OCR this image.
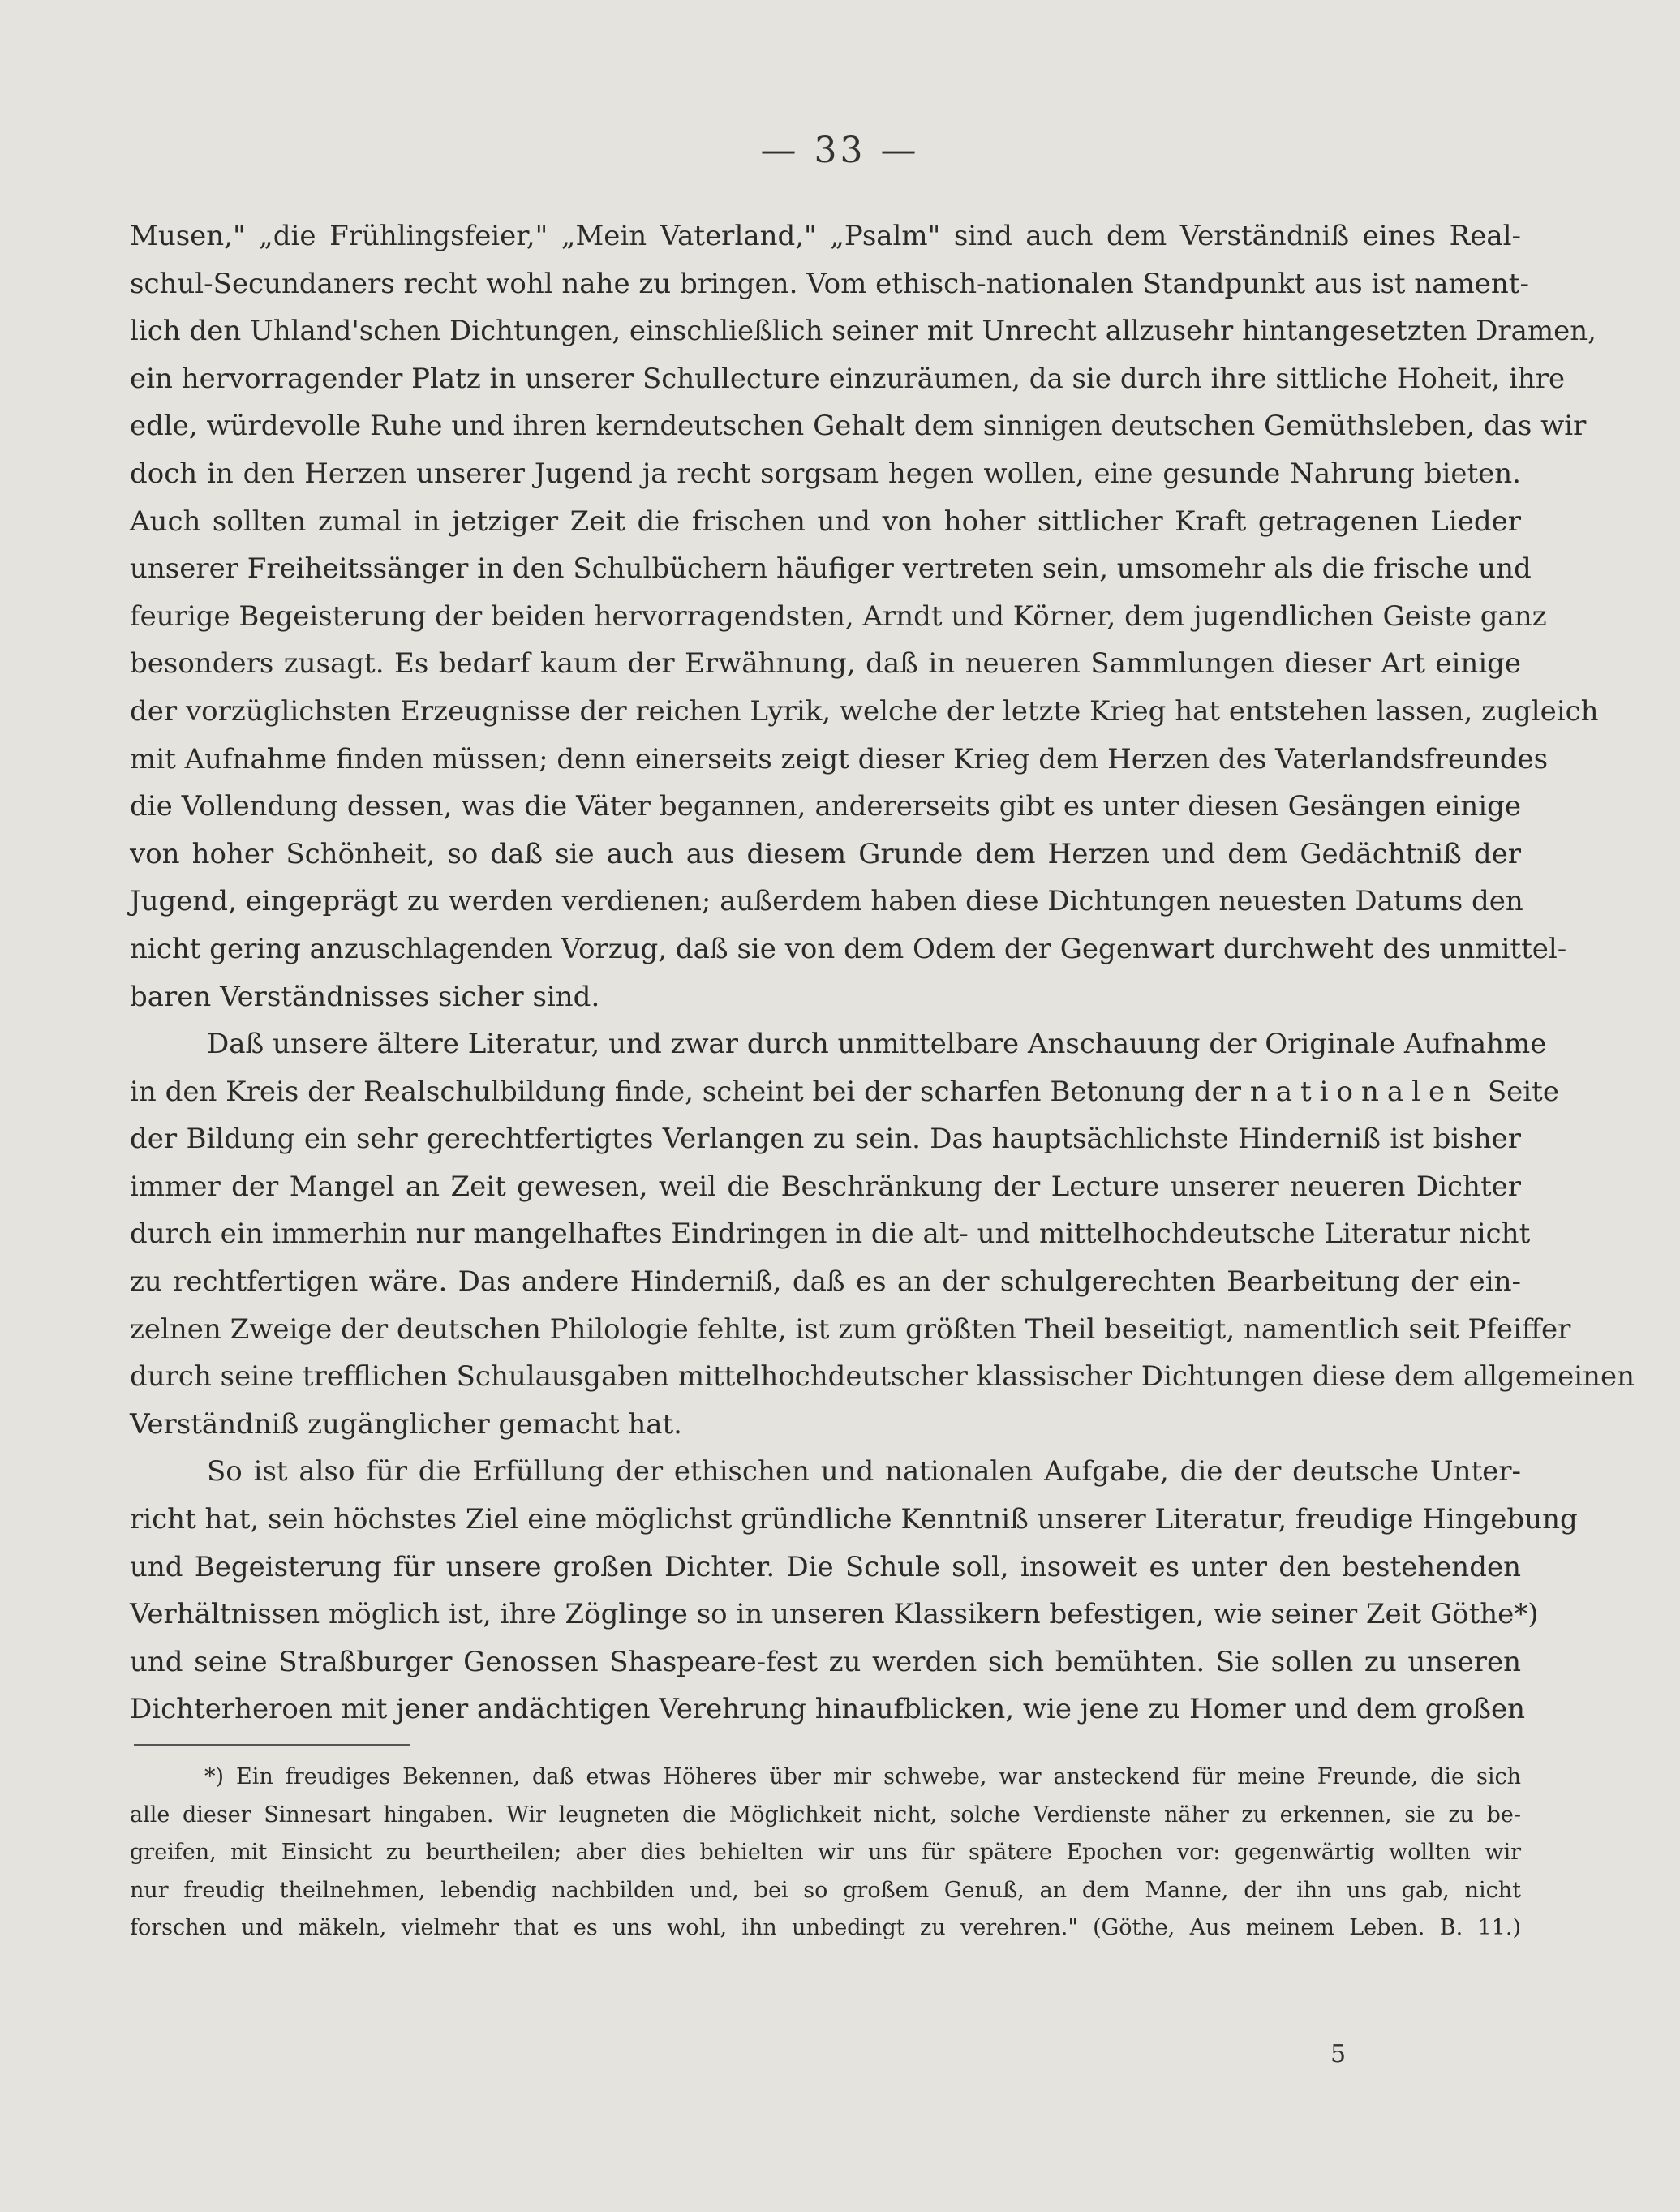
— 33 —
Musen," „die Frühlingsfeier," „Mein Vaterland," „Psalm" sind auch dem Verständniß eines Real-
schul-Secundaners recht wohl nahe zu bringen. Vom ethisch-nationalen Standpunkt aus ist nament-
lich den Uhland'schen Dichtungen, einschließlich seiner mit Unrecht allzusehr hintangesetzten Dramen,
ein hervorragender Platz in unserer Schullecture einzuräumen, da sie durch ihre sittliche Hoheit, ihre
edle, würdevolle Ruhe und ihren kerndeutschen Gehalt dem sinnigen deutschen Gemüthsleben, das wir
doch in den Herzen unserer Jugend ja recht sorgsam hegen wollen, eine gesunde Nahrung bieten.
Auch sollten zumal in jetziger Zeit die frischen und von hoher sittlicher Kraft getragenen Lieder
unserer Freiheitssänger in den Schulbüchern häufiger vertreten sein, umsomehr als die frische und
feurige Begeisterung der beiden hervorragendsten, Arndt und Körner, dem jugendlichen Geiste ganz
besonders zusagt. Es bedarf kaum der Erwähnung, daß in neueren Sammlungen dieser Art einige
der vorzüglichsten Erzeugnisse der reichen Lyrik, welche der letzte Krieg hat entstehen lassen, zugleich
mit Aufnahme finden müssen; denn einerseits zeigt dieser Krieg dem Herzen des Vaterlandsfreundes
die Vollendung dessen, was die Väter begannen, andererseits gibt es unter diesen Gesängen einige
von hoher Schönheit, so daß sie auch aus diesem Grunde dem Herzen und dem Gedächtniß der
Jugend, eingeprägt zu werden verdienen; außerdem haben diese Dichtungen neuesten Datums den
nicht gering anzuschlagenden Vorzug, daß sie von dem Odem der Gegenwart durchweht des unmittel-
baren Verständnisses sicher sind.
Daß unsere ältere Literatur, und zwar durch unmittelbare Anschauung der Originale Aufnahme
in den Kreis der Realschulbildung finde, scheint bei der scharfen Betonung der nationalen Seite
der Bildung ein sehr gerechtfertigtes Verlangen zu sein. Das hauptsächlichste Hinderniß ist bisher
immer der Mangel an Zeit gewesen, weil die Beschränkung der Lecture unserer neueren Dichter
durch ein immerhin nur mangelhaftes Eindringen in die alt- und mittelhochdeutsche Literatur nicht
zu rechtfertigen wäre. Das andere Hinderniß, daß es an der schulgerechten Bearbeitung der ein-
zelnen Zweige der deutschen Philologie fehlte, ist zum größten Theil beseitigt, namentlich seit Pfeiffer
durch seine trefflichen Schulausgaben mittelhochdeutscher klassischer Dichtungen diese dem allgemeinen
Verständniß zugänglicher gemacht hat.
So ist also für die Erfüllung der ethischen und nationalen Aufgabe, die der deutsche Unter-
richt hat, sein höchstes Ziel eine möglichst gründliche Kenntniß unserer Literatur, freudige Hingebung
und Begeisterung für unsere großen Dichter. Die Schule soll, insoweit es unter den bestehenden
Verhältnissen möglich ist, ihre Zöglinge so in unseren Klassikern befestigen, wie seiner Zeit Göthe*)
und seine Straßburger Genossen Shaspeare-fest zu werden sich bemühten. Sie sollen zu unseren
Dichterheroen mit jener andächtigen Verehrung hinaufblicken, wie jene zu Homer und dem großen
*) Ein freudiges Bekennen, daß etwas Höheres über mir schwebe, war ansteckend für meine Freunde, die sich
alle dieser Sinnesart hingaben. Wir leugneten die Möglichkeit nicht, solche Verdienste näher zu erkennen, sie zu be-
greifen, mit Einsicht zu beurtheilen; aber dies behielten wir uns für spätere Epochen vor: gegenwärtig wollten wir
nur freudig theilnehmen, lebendig nachbilden und, bei so großem Genuß, an dem Manne, der ihn uns gab, nicht
forschen und mäkeln, vielmehr that es uns wohl, ihn unbedingt zu verehren." (Göthe, Aus meinem Leben. B. 11.)
5
